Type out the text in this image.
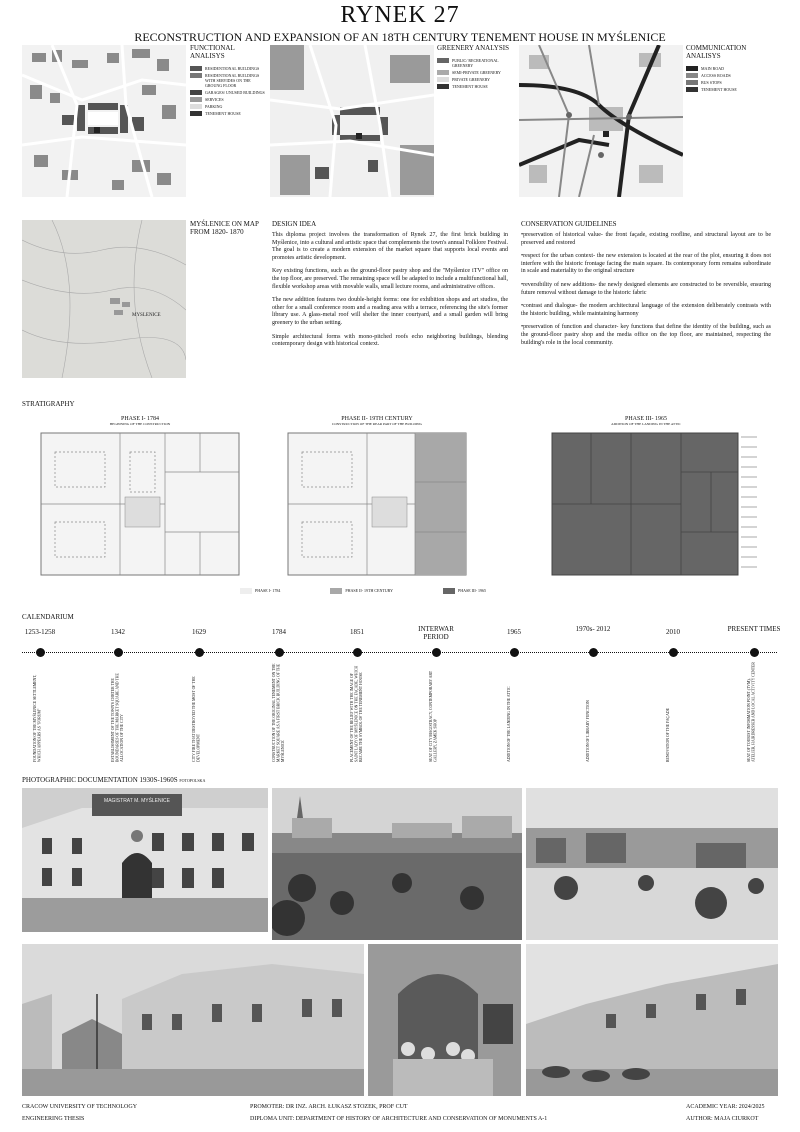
RYNEK 27
RECONSTRUCTION AND EXPANSION OF AN 18TH CENTURY TENEMENT HOUSE IN MYŚLENICE
FUNCTIONAL ANALISYS
RESIDENTIONAL BUILDINGS
RESIDENTIONAL BUILDINGS WITH SERVIDES ON THE GROUNG FLOOR
GARAGES/ UNUSED BUILDINGS
SERVICES
PARKING
TENEMENT HOUSE
GREENERY ANALYSIS
PUBLIC/ RECREATIONAL GREENERY
SEMI-PRIVATE GREENERY
PRIVATE GREENERY
TENEMENT HOUSE
COMMUNICATION ANALISYS
MAIN ROAD
ACCESS ROADS
BUS STOPS
TENEMENT HOUSE
MYSLENICE
MYŚLENICE ON MAP FROM 1820- 1870
DESIGN IDEA

This diploma project involves the transformation of Rynek 27, the first brick building in Myślenice, into a cultural and artistic space that complements the town's annual Folklore Festival. The goal is to create a modern extension of the market square that supports local events and promotes artistic development.

Key existing functions, such as the ground-floor pastry shop and the "Myślenice iTV" office on the top floor, are preserved. The remaining space will be adapted to include a multifunctional hall, flexible workshop areas with movable walls, small lecture rooms, and administrative offices.

The new addition features two double-height forms: one for exhibition shops and art studios, the other for a small conference room and a reading area with a terrace, referencing the site's former library use. A glass-metal roof will shelter the inner courtyard, and a small garden will bring greenery to the urban setting.

Simple architectural forms with mono-pitched roofs echo neighboring buildings, blending contemporary design with historical context.

CONSERVATION GUIDELINES

•preservation of historical value- the front façade, existing roofline, and structural layout are to be preserved and restored

•respect for the urban context- the new extension is located at the rear of the plot, ensuring it does not interfere with the historic frontage facing the main square. Its contemporary form remains subordinate in scale and materiality to the original structure

•reversibility of new additions- the newly designed elements are constructed to be reversible, ensuring future removal without damage to the historic fabric

•contrast and dialogue- the modern architectural language of the extension deliberately contrasts with the historic building, while maintaining harmony

•preservation of function and character- key functions that define the identity of the building, such as the ground-floor pastry shop and the media office on the top floor, are maintained, respecting the building's role in the local community.

STRATIGRAPHY
PHASE I- 1784
BEGINNING OF THE CONSTRUCTION
PHASE II- 19TH CENTURY
CONSTRUCTION OF THE REAR PART OF THE BUILDING
PHASE III- 1965
ADDITION OF THE LANDING IN THE ATTIC
PHASE I- 1784	PHASE II- 19TH CENTURY	PHASE III- 1965
CALENDARIUM
1253-1258
FOUNDATION OF THE MYŚLENICE SETTLEMENT, WHICH APPEARS AS "FORUM"
1342
ESTABLISHMENT OF THE TOWN'S CHRTER THE BOUNDARIES OF THE MARKET SQUARE AND THE ALLOCATION OF THE CITY
1629
CITY FIRE THAT DESTROYED THE MOST OF THE DEVELOPMENT
1784
CONSTRUCTION OF THE ORIGINAL TENEMENT ON THE MARKET SQUARE AS A FIRST BRICK BUILDING OF THE MYŚLENICE
1851
PLACEMENT OF THE RELIEF WITH THE IMAGE OF SAINT LADY OF MYŚLENICE ON THE FAÇADE, WHICH BECAME THE SYMBOL OF THE TENEMENT HOUSE
INTERWAR PERIOD
SEAT OF CITY MAGISTRACY, CONTEMPORARY ART GALLERY, ZAMEK SHOP
1965
ADDITION OF THE LANDING IN THE ATTIC
1970s- 2012
ADDITION OF LIBRARY FUNCTION
2010
RENOVATION OF THE FAÇADE
PRESENT TIMES
SEAT OF TOURIST INFORMATION POINT (TVM), ATELIER, HAIRDRESSER AND LOCAL ACTIVITY CENTER
PHOTOGRAPHIC DOCUMENTATION 1930S-1960S FOTOPOLSKA
MAGISTRAT M. MYŚLENICE
CRACOW UNIVERSITY OF TECHNOLOGY
ENGINEERING THESIS
PROMOTER: DR INZ. ARCH. ŁUKASZ STOZEK, PROF CUT
DIPLOMA UNIT: DEPARTMENT OF HISTORY OF ARCHITECTURE AND CONSERVATION OF MONUMENTS A-1
ACADEMIC YEAR: 2024/2025
AUTHOR: MAJA CIURKOT
